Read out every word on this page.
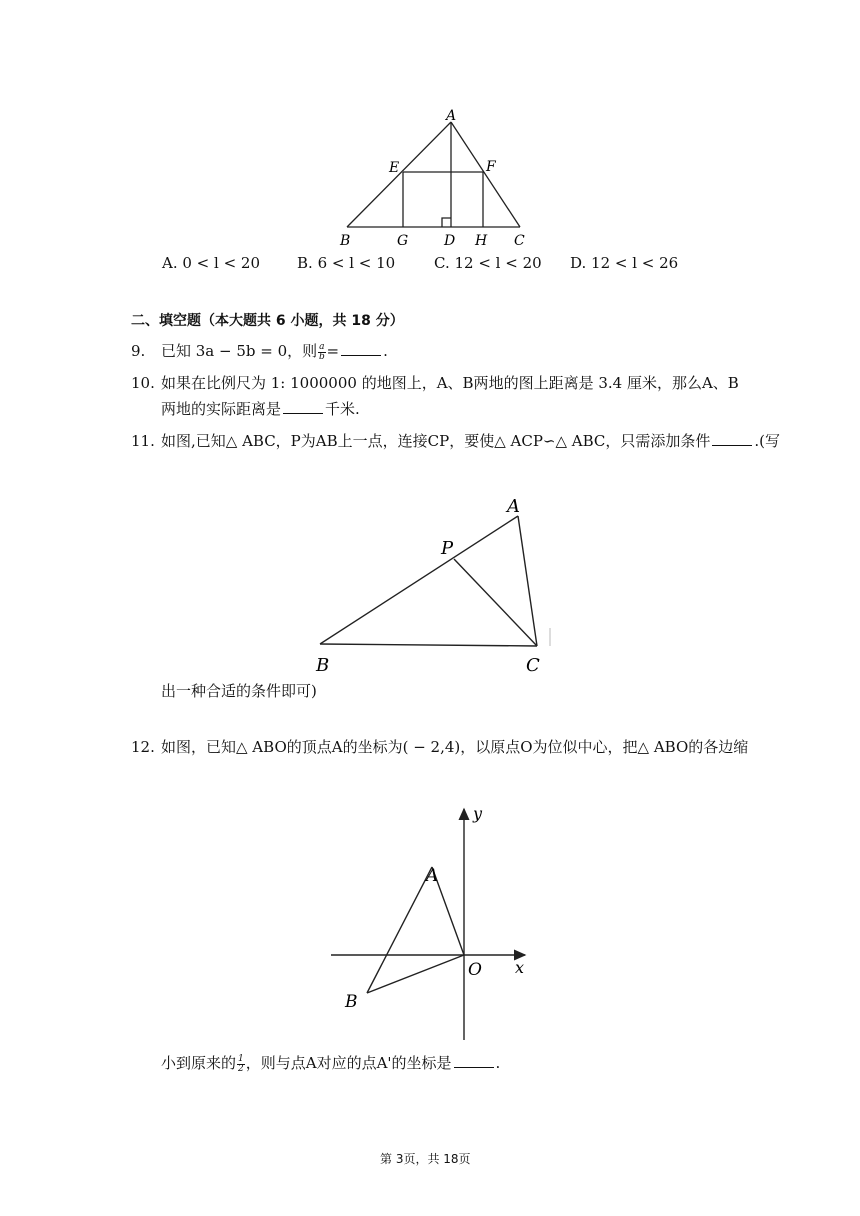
A
E	F
B	G	D H C
A. 0 < l < 20 B. 6 < l < 10	C. 12 < l < 20 D. 12 < l < 26
二、填空题（本大题共 6 小题，共 18 分）
9. 已知 3a − 5b = 0，则 $\frac{a}{b}$ =	.
10. 如果在比例尺为 1: 1000000 的地图上，A、B两地的图上距离是 3.4 厘米，那么A、B
两地的实际距离是	千米.
11. 如图,已知△ ABC，P为AB上一点，连接CP，要使△ ACP∽△ ABC，只需添加条件	.(写
A
P
B	C
出一种合适的条件即可)
12. 如图，已知△ ABO的顶点A的坐标为( − 2,4)，以原点O为位似中心，把△ ABO的各边缩
y
x
A
O
B
小到原来的 $\frac{1}{2}$ ，则与点A对应的点A'的坐标是	.
第 3页，共 18页
